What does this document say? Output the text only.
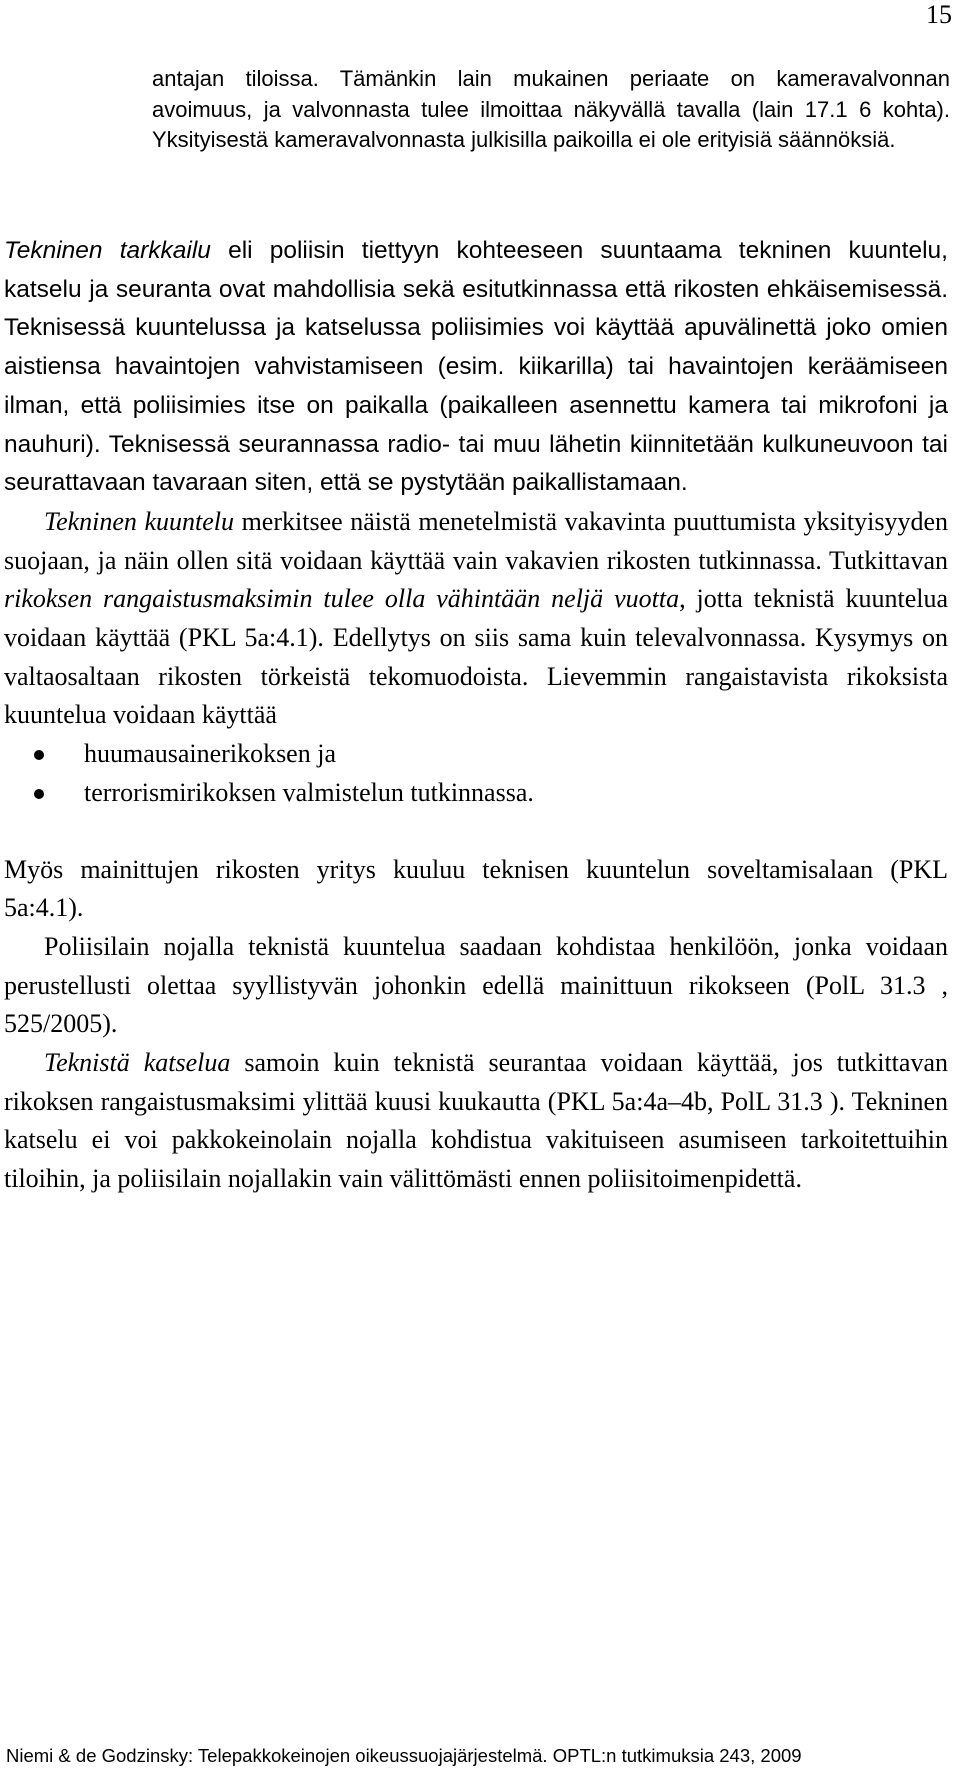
15

antajan tiloissa. Tämänkin lain mukainen periaate on kameravalvonnan avoimuus, ja valvonnasta tulee ilmoittaa näkyvällä tavalla (lain 17.1 6 kohta). Yksityisestä kameravalvonnasta julkisilla paikoilla ei ole erityisiä säännöksiä.

Tekninen tarkkailu eli poliisin tiettyyn kohteeseen suuntaama tekninen kuuntelu, katselu ja seuranta ovat mahdollisia sekä esitutkinnassa että rikosten ehkäisemisessä. Teknisessä kuuntelussa ja katselussa poliisimies voi käyttää apuvälinettä joko omien aistiensa havaintojen vahvistamiseen (esim. kiikarilla) tai havaintojen keräämiseen ilman, että poliisimies itse on paikalla (paikalleen asennettu kamera tai mikrofoni ja nauhuri). Teknisessä seurannassa radio- tai muu lähetin kiinnitetään kulkuneuvoon tai seurattavaan tavaraan siten, että se pystytään paikallistamaan.

Tekninen kuuntelu merkitsee näistä menetelmistä vakavinta puuttumista yksityisyyden suojaan, ja näin ollen sitä voidaan käyttää vain vakavien rikosten tutkinnassa. Tutkittavan rikoksen rangaistusmaksimin tulee olla vähintään neljä vuotta, jotta teknistä kuuntelua voidaan käyttää (PKL 5a:4.1). Edellytys on siis sama kuin televalvonnassa. Kysymys on valtaosaltaan rikosten törkeistä tekomuodoista. Lievemmin rangaistavista rikoksista kuuntelua voidaan käyttää

huumausainerikoksen ja
terrorismirikoksen valmistelun tutkinnassa.

Myös mainittujen rikosten yritys kuuluu teknisen kuuntelun soveltamisalaan (PKL 5a:4.1).

Poliisilain nojalla teknistä kuuntelua saadaan kohdistaa henkilöön, jonka voidaan perustellusti olettaa syyllistyvän johonkin edellä mainittuun rikokseen (PolL 31.3 , 525/2005).

Teknistä katselua samoin kuin teknistä seurantaa voidaan käyttää, jos tutkittavan rikoksen rangaistusmaksimi ylittää kuusi kuukautta (PKL 5a:4a–4b, PolL 31.3 ). Tekninen katselu ei voi pakkokeinolain nojalla kohdistua vakituiseen asumiseen tarkoitettuihin tiloihin, ja poliisilain nojallakin vain välittömästi ennen poliisitoimenpidettä.

Niemi & de Godzinsky: Telepakkokeinojen oikeussuojajärjestelmä. OPTL:n tutkimuksia 243, 2009
